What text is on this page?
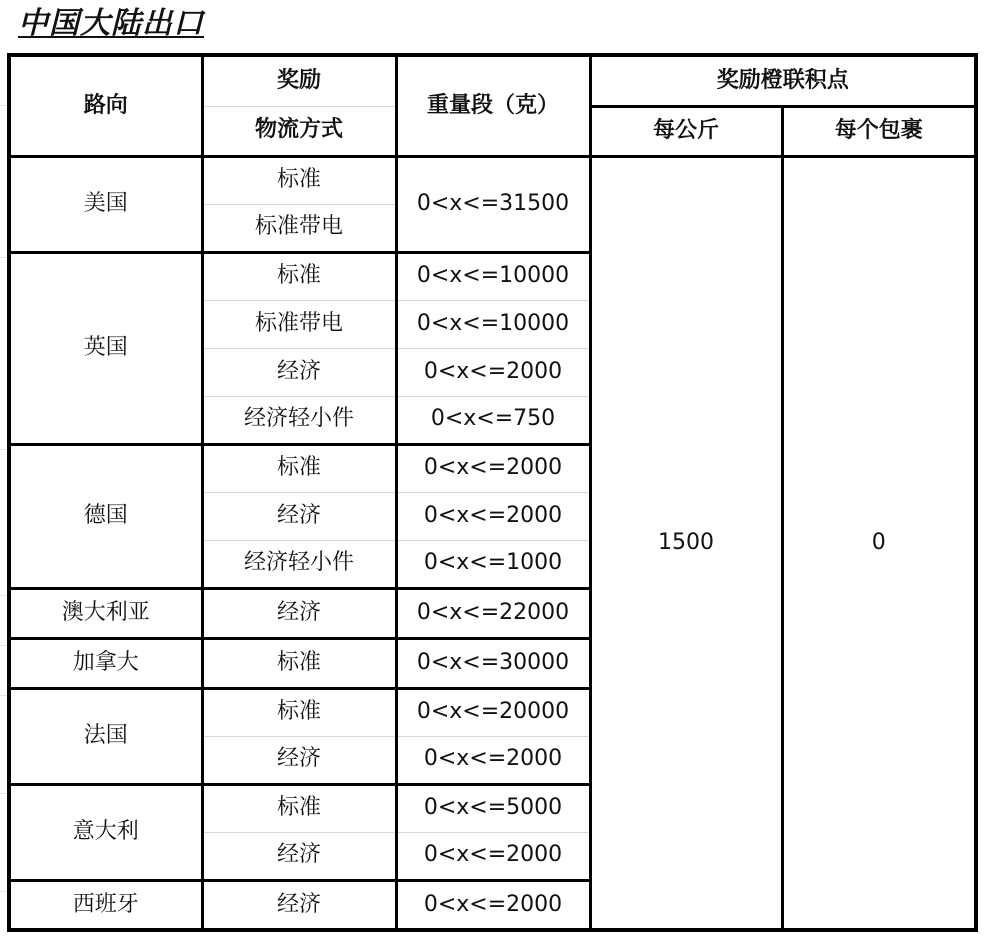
中国大陆出口
路向	奖励	重量段（克）	奖励橙联积点	
	物流方式		每公斤	每个包裹
美国	标准	0<x<=31500	1500	0
	标准带电			
英国	标准	0<x<=10000		
	标准带电	0<x<=10000		
	经济	0<x<=2000		
	经济轻小件	0<x<=750		
德国	标准	0<x<=2000		
	经济	0<x<=2000		
	经济轻小件	0<x<=1000		
澳大利亚	经济	0<x<=22000		
加拿大	标准	0<x<=30000		
法国	标准	0<x<=20000		
	经济	0<x<=2000		
意大利	标准	0<x<=5000		
	经济	0<x<=2000		
西班牙	经济	0<x<=2000		
